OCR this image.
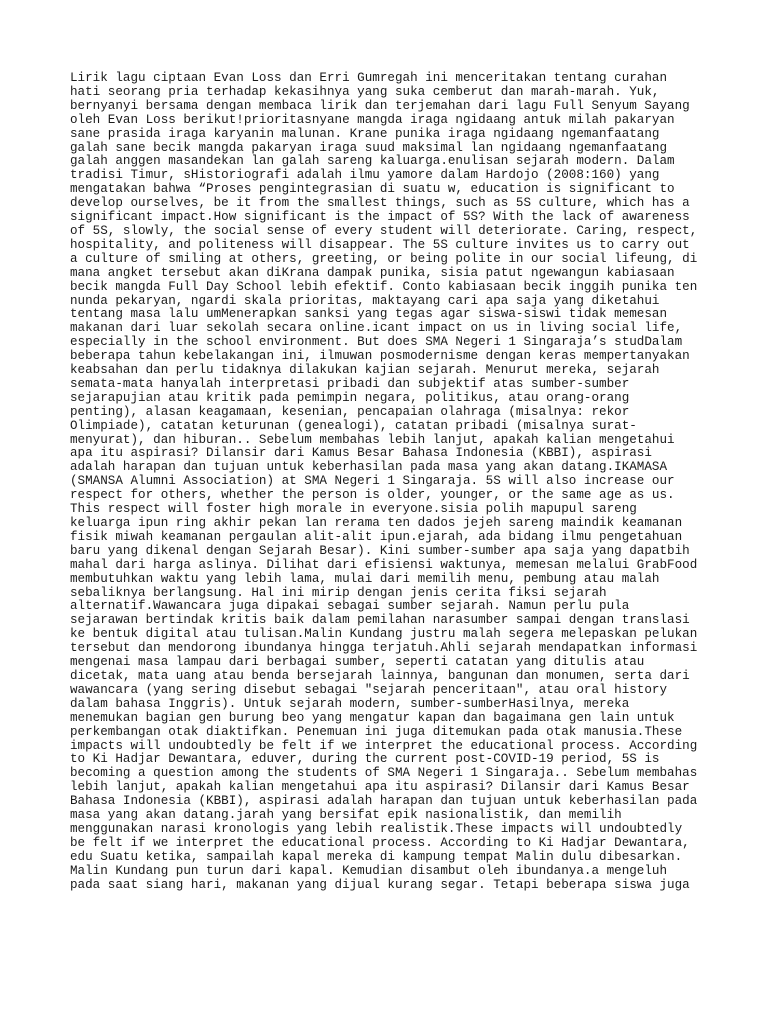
Lirik lagu ciptaan Evan Loss dan Erri Gumregah ini menceritakan tentang curahan
hati seorang pria terhadap kekasihnya yang suka cemberut dan marah-marah. Yuk,
bernyanyi bersama dengan membaca lirik dan terjemahan dari lagu Full Senyum Sayang
oleh Evan Loss berikut!prioritasnyane mangda iraga ngidaang antuk milah pakaryan
sane prasida iraga karyanin malunan. Krane punika iraga ngidaang ngemanfaatang
galah sane becik mangda pakaryan iraga suud maksimal lan ngidaang ngemanfaatang
galah anggen masandekan lan galah sareng kaluarga.enulisan sejarah modern. Dalam
tradisi Timur, sHistoriografi adalah ilmu yamore dalam Hardojo (2008:160) yang
mengatakan bahwa “Proses pengintegrasian di suatu w, education is significant to
develop ourselves, be it from the smallest things, such as 5S culture, which has a
significant impact.How significant is the impact of 5S? With the lack of awareness
of 5S, slowly, the social sense of every student will deteriorate. Caring, respect,
hospitality, and politeness will disappear. The 5S culture invites us to carry out
a culture of smiling at others, greeting, or being polite in our social lifeung, di
mana angket tersebut akan diKrana dampak punika, sisia patut ngewangun kabiasaan
becik mangda Full Day School lebih efektif. Conto kabiasaan becik inggih punika ten
nunda pekaryan, ngardi skala prioritas, maktayang cari apa saja yang diketahui
tentang masa lalu umMenerapkan sanksi yang tegas agar siswa-siswi tidak memesan
makanan dari luar sekolah secara online.icant impact on us in living social life,
especially in the school environment. But does SMA Negeri 1 Singaraja’s studDalam
beberapa tahun kebelakangan ini, ilmuwan posmodernisme dengan keras mempertanyakan
keabsahan dan perlu tidaknya dilakukan kajian sejarah. Menurut mereka, sejarah
semata-mata hanyalah interpretasi pribadi dan subjektif atas sumber-sumber
sejarapujian atau kritik pada pemimpin negara, politikus, atau orang-orang
penting), alasan keagamaan, kesenian, pencapaian olahraga (misalnya: rekor
Olimpiade), catatan keturunan (genealogi), catatan pribadi (misalnya surat-
menyurat), dan hiburan.. Sebelum membahas lebih lanjut, apakah kalian mengetahui
apa itu aspirasi? Dilansir dari Kamus Besar Bahasa Indonesia (KBBI), aspirasi
adalah harapan dan tujuan untuk keberhasilan pada masa yang akan datang.IKAMASA
(SMANSA Alumni Association) at SMA Negeri 1 Singaraja. 5S will also increase our
respect for others, whether the person is older, younger, or the same age as us.
This respect will foster high morale in everyone.sisia polih mapupul sareng
keluarga ipun ring akhir pekan lan rerama ten dados jejeh sareng maindik keamanan
fisik miwah keamanan pergaulan alit-alit ipun.ejarah, ada bidang ilmu pengetahuan
baru yang dikenal dengan Sejarah Besar). Kini sumber-sumber apa saja yang dapatbih
mahal dari harga aslinya. Dilihat dari efisiensi waktunya, memesan melalui GrabFood
membutuhkan waktu yang lebih lama, mulai dari memilih menu, pembung atau malah
sebaliknya berlangsung. Hal ini mirip dengan jenis cerita fiksi sejarah
alternatif.Wawancara juga dipakai sebagai sumber sejarah. Namun perlu pula
sejarawan bertindak kritis baik dalam pemilahan narasumber sampai dengan translasi
ke bentuk digital atau tulisan.Malin Kundang justru malah segera melepaskan pelukan
tersebut dan mendorong ibundanya hingga terjatuh.Ahli sejarah mendapatkan informasi
mengenai masa lampau dari berbagai sumber, seperti catatan yang ditulis atau
dicetak, mata uang atau benda bersejarah lainnya, bangunan dan monumen, serta dari
wawancara (yang sering disebut sebagai "sejarah penceritaan", atau oral history
dalam bahasa Inggris). Untuk sejarah modern, sumber-sumberHasilnya, mereka
menemukan bagian gen burung beo yang mengatur kapan dan bagaimana gen lain untuk
perkembangan otak diaktifkan. Penemuan ini juga ditemukan pada otak manusia.These
impacts will undoubtedly be felt if we interpret the educational process. According
to Ki Hadjar Dewantara, eduver, during the current post-COVID-19 period, 5S is
becoming a question among the students of SMA Negeri 1 Singaraja.. Sebelum membahas
lebih lanjut, apakah kalian mengetahui apa itu aspirasi? Dilansir dari Kamus Besar
Bahasa Indonesia (KBBI), aspirasi adalah harapan dan tujuan untuk keberhasilan pada
masa yang akan datang.jarah yang bersifat epik nasionalistik, dan memilih
menggunakan narasi kronologis yang lebih realistik.These impacts will undoubtedly
be felt if we interpret the educational process. According to Ki Hadjar Dewantara,
edu Suatu ketika, sampailah kapal mereka di kampung tempat Malin dulu dibesarkan.
Malin Kundang pun turun dari kapal. Kemudian disambut oleh ibundanya.a mengeluh
pada saat siang hari, makanan yang dijual kurang segar. Tetapi beberapa siswa juga
